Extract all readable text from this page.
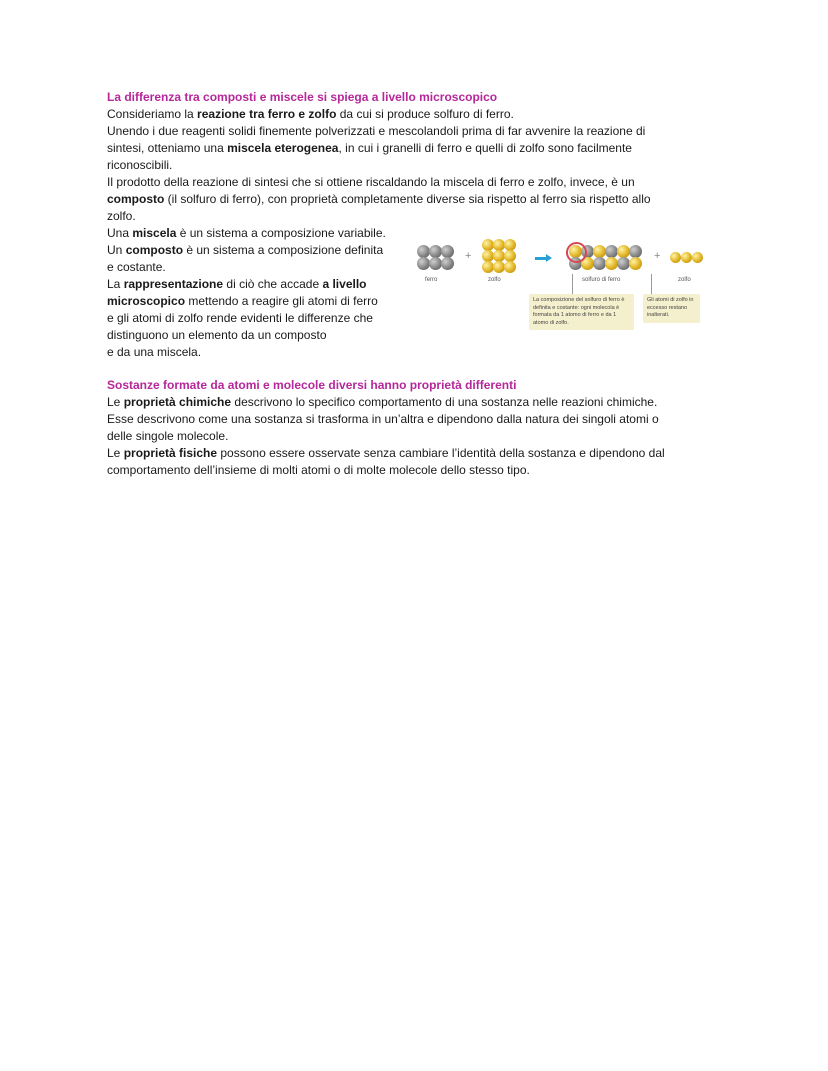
La differenza tra composti e miscele si spiega a livello microscopico

Consideriamo la reazione tra ferro e zolfo da cui si produce solfuro di ferro.

Unendo i due reagenti solidi finemente polverizzati e mescolandoli prima di far avvenire la reazione di

sintesi, otteniamo una miscela eterogenea, in cui i granelli di ferro e quelli di zolfo sono facilmente

riconoscibili.

Il prodotto della reazione di sintesi che si ottiene riscaldando la miscela di ferro e zolfo, invece, è un

composto (il solfuro di ferro), con proprietà completamente diverse sia rispetto al ferro sia rispetto allo

zolfo.

Una miscela è un sistema a composizione variabile.

Un composto è un sistema a composizione definita

e costante.

La rappresentazione di ciò che accade a livello

microscopico mettendo a reagire gli atomi di ferro

e gli atomi di zolfo rende evidenti le differenze che

distinguono un elemento da un composto

e da una miscela.

+	+
ferro	zolfo	solfuro di ferro	zolfo
La composizione del solfuro di ferro è definita e costante: ogni molecola è formata da 1 atomo di ferro e da 1 atomo di zolfo.
Gli atomi di zolfo in eccesso restano inalterati.
Sostanze formate da atomi e molecole diversi hanno proprietà differenti

Le proprietà chimiche descrivono lo specifico comportamento di una sostanza nelle reazioni chimiche.

Esse descrivono come una sostanza si trasforma in un’altra e dipendono dalla natura dei singoli atomi o

delle singole molecole.

Le proprietà fisiche possono essere osservate senza cambiare l’identità della sostanza e dipendono dal

comportamento dell’insieme di molti atomi o di molte molecole dello stesso tipo.
